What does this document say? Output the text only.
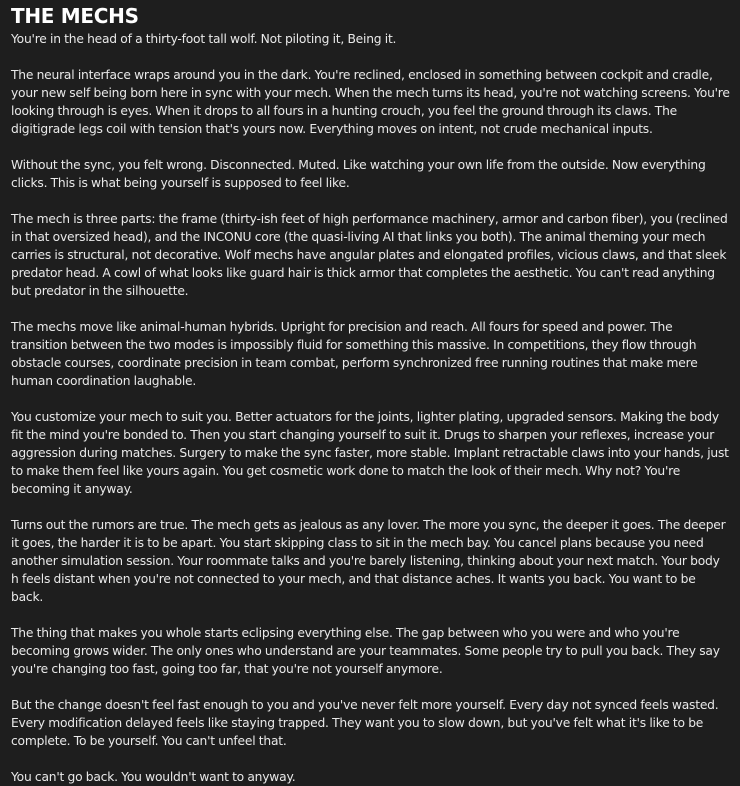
THE MECHS

You're in the head of a thirty-foot tall wolf. Not piloting it, Being it.

The neural interface wraps around you in the dark. You're reclined, enclosed in something between cockpit and cradle, your new self being born here in sync with your mech. When the mech turns its head, you're not watching screens. You're looking through is eyes. When it drops to all fours in a hunting crouch, you feel the ground through its claws. The digitigrade legs coil with tension that's yours now. Everything moves on intent, not crude mechanical inputs.

Without the sync, you felt wrong. Disconnected. Muted. Like watching your own life from the outside. Now everything clicks. This is what being yourself is supposed to feel like.

The mech is three parts: the frame (thirty-ish feet of high performance machinery, armor and carbon fiber), you (reclined in that oversized head), and the INCONU core (the quasi-living AI that links you both). The animal theming your mech carries is structural, not decorative. Wolf mechs have angular plates and elongated profiles, vicious claws, and that sleek predator head. A cowl of what looks like guard hair is thick armor that completes the aesthetic. You can't read anything but predator in the silhouette.

The mechs move like animal-human hybrids. Upright for precision and reach. All fours for speed and power. The transition between the two modes is impossibly fluid for something this massive. In competitions, they flow through obstacle courses, coordinate precision in team combat, perform synchronized free running routines that make mere human coordination laughable.

You customize your mech to suit you. Better actuators for the joints, lighter plating, upgraded sensors. Making the body fit the mind you're bonded to. Then you start changing yourself to suit it. Drugs to sharpen your reflexes, increase your aggression during matches. Surgery to make the sync faster, more stable. Implant retractable claws into your hands, just to make them feel like yours again. You get cosmetic work done to match the look of their mech. Why not? You're becoming it anyway.

Turns out the rumors are true. The mech gets as jealous as any lover. The more you sync, the deeper it goes. The deeper it goes, the harder it is to be apart. You start skipping class to sit in the mech bay. You cancel plans because you need another simulation session. Your roommate talks and you're barely listening, thinking about your next match. Your body h feels distant when you're not connected to your mech, and that distance aches. It wants you back. You want to be back.

The thing that makes you whole starts eclipsing everything else. The gap between who you were and who you're becoming grows wider. The only ones who understand are your teammates. Some people try to pull you back. They say you're changing too fast, going too far, that you're not yourself anymore.

But the change doesn't feel fast enough to you and you've never felt more yourself. Every day not synced feels wasted. Every modification delayed feels like staying trapped. They want you to slow down, but you've felt what it's like to be complete. To be yourself. You can't unfeel that.

You can't go back. You wouldn't want to anyway.
